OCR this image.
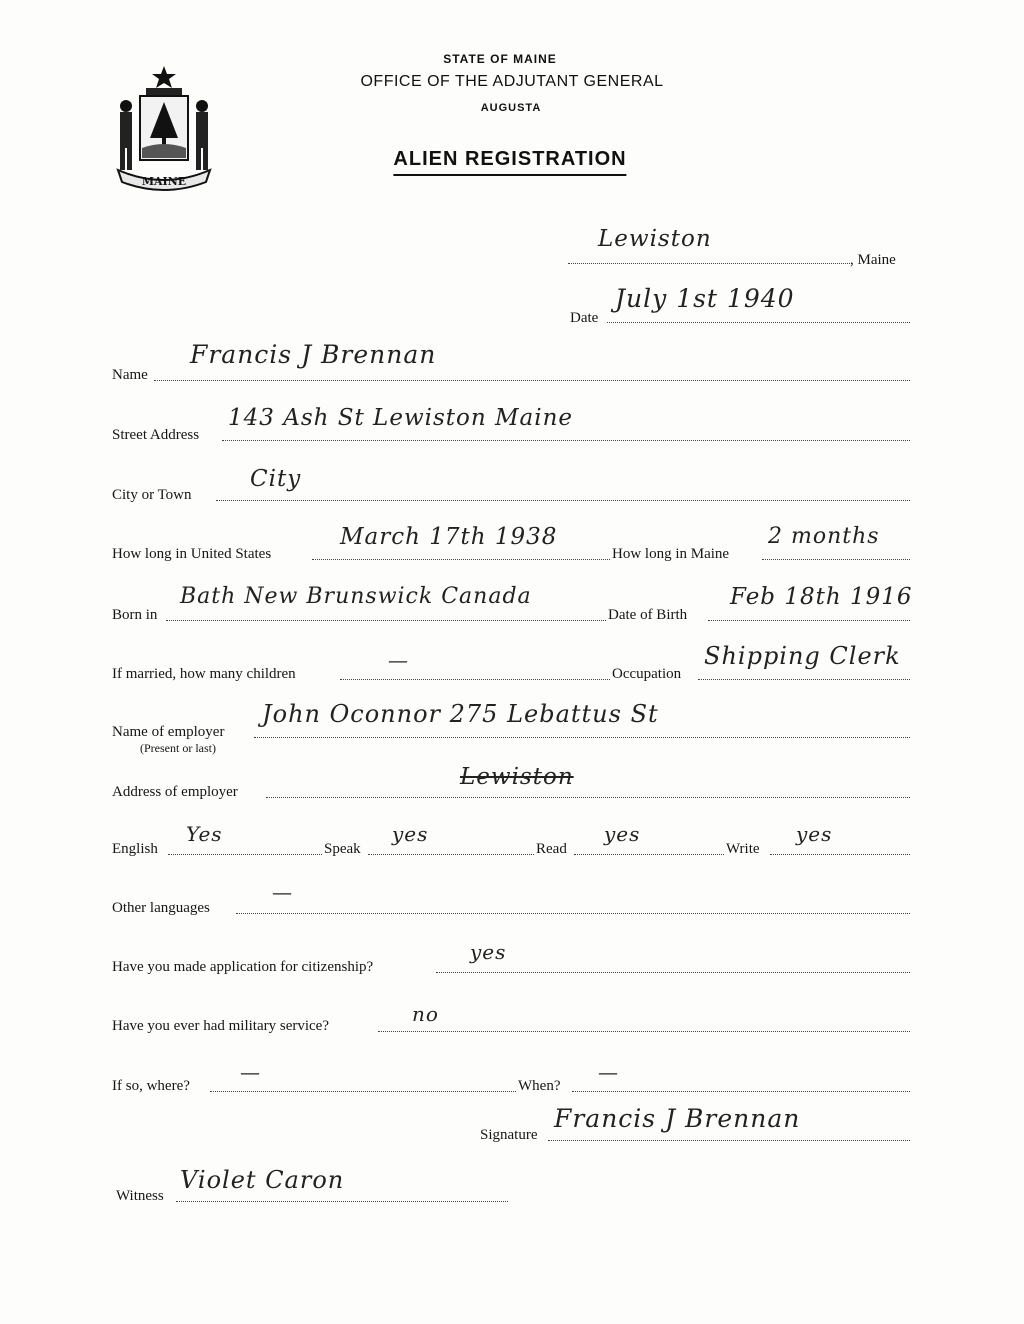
MAINE
STATE OF MAINE
OFFICE OF THE ADJUTANT GENERAL
AUGUSTA
ALIEN REGISTRATION
Lewiston
, Maine
Date
July 1st 1940
Name
Francis J Brennan
Street Address
143 Ash St Lewiston Maine
City or Town
City
How long in United States
March 17th 1938
How long in Maine
2 months
Born in
Bath New Brunswick Canada
Date of Birth
Feb 18th 1916
If married, how many children
—
Occupation
Shipping Clerk
Name of employer
(Present or last)
John Oconnor 275 Lebattus St
Address of employer
Lewiston
English
Yes
Speak
yes
Read
yes
Write
yes
Other languages
—
Have you made application for citizenship?
yes
Have you ever had military service?	no
If so, where?
—
When?
—
Signature
Francis J Brennan
Witness
Violet Caron
